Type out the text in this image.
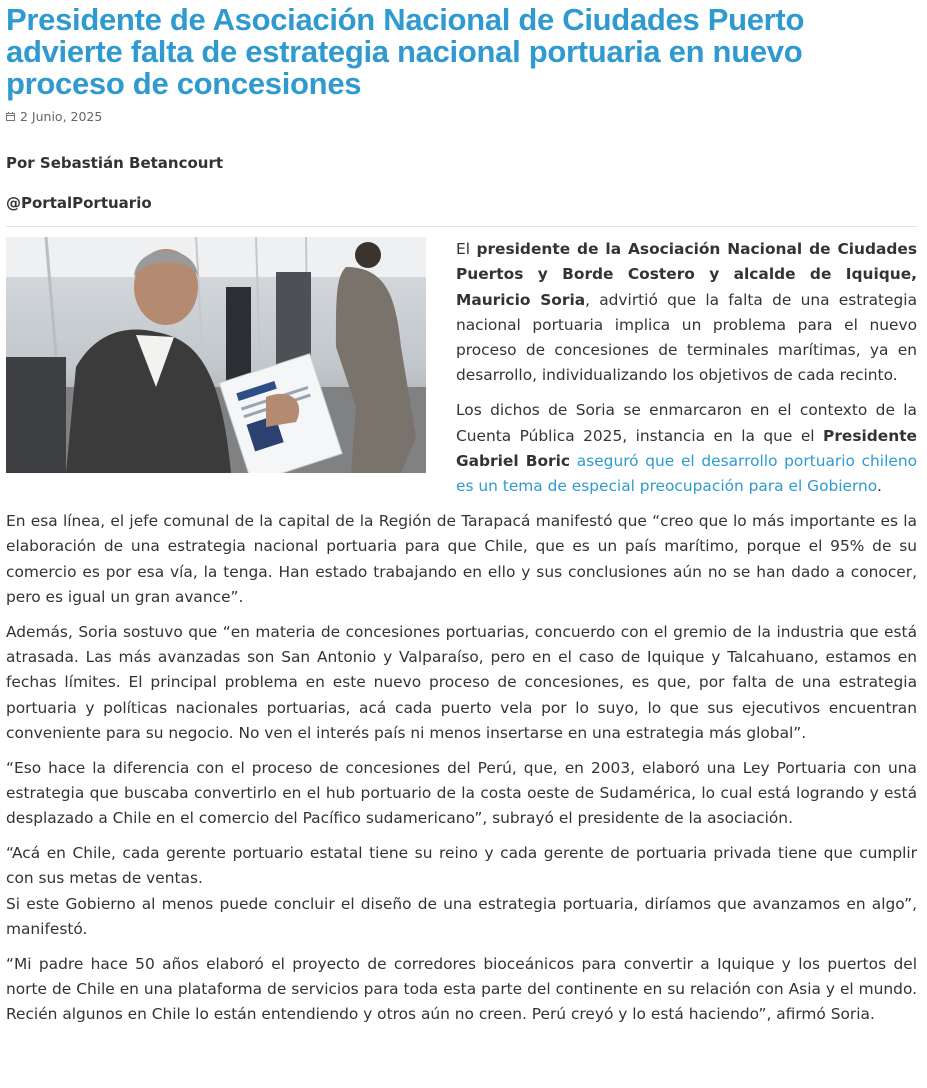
Presidente de Asociación Nacional de Ciudades Puerto advierte falta de estrategia nacional portuaria en nuevo proceso de concesiones
2 Junio, 2025
Por Sebastián Betancourt
@PortalPortuario

El presidente de la Asociación Nacional de Ciudades Puertos y Borde Costero y alcalde de Iquique, Mauricio Soria, advirtió que la falta de una estrategia nacional portuaria implica un problema para el nuevo proceso de concesiones de terminales marítimas, ya en desarrollo, individualizando los objetivos de cada recinto.

Los dichos de Soria se enmarcaron en el contexto de la Cuenta Pública 2025, instancia en la que el Presidente Gabriel Boric aseguró que el desarrollo portuario chileno es un tema de especial preocupación para el Gobierno.

En esa línea, el jefe comunal de la capital de la Región de Tarapacá manifestó que “creo que lo más importante es la elaboración de una estrategia nacional portuaria para que Chile, que es un país marítimo, porque el 95% de su comercio es por esa vía, la tenga. Han estado trabajando en ello y sus conclusiones aún no se han dado a conocer, pero es igual un gran avance”.

Además, Soria sostuvo que “en materia de concesiones portuarias, concuerdo con el gremio de la industria que está atrasada. Las más avanzadas son San Antonio y Valparaíso, pero en el caso de Iquique y Talcahuano, estamos en fechas límites. El principal problema en este nuevo proceso de concesiones, es que, por falta de una estrategia portuaria y políticas nacionales portuarias, acá cada puerto vela por lo suyo, lo que sus ejecutivos encuentran conveniente para su negocio. No ven el interés país ni menos insertarse en una estrategia más global”.

“Eso hace la diferencia con el proceso de concesiones del Perú, que, en 2003, elaboró una Ley Portuaria con una estrategia que buscaba convertirlo en el hub portuario de la costa oeste de Sudamérica, lo cual está logrando y está desplazado a Chile en el comercio del Pacífico sudamericano”, subrayó el presidente de la asociación.

“Acá en Chile, cada gerente portuario estatal tiene su reino y cada gerente de portuaria privada tiene que cumplir con sus metas de ventas.
Si este Gobierno al menos puede concluir el diseño de una estrategia portuaria, diríamos que avanzamos en algo”, manifestó.

“Mi padre hace 50 años elaboró el proyecto de corredores bioceánicos para convertir a Iquique y los puertos del norte de Chile en una plataforma de servicios para toda esta parte del continente en su relación con Asia y el mundo. Recién algunos en Chile lo están entendiendo y otros aún no creen. Perú creyó y lo está haciendo”, afirmó Soria.
